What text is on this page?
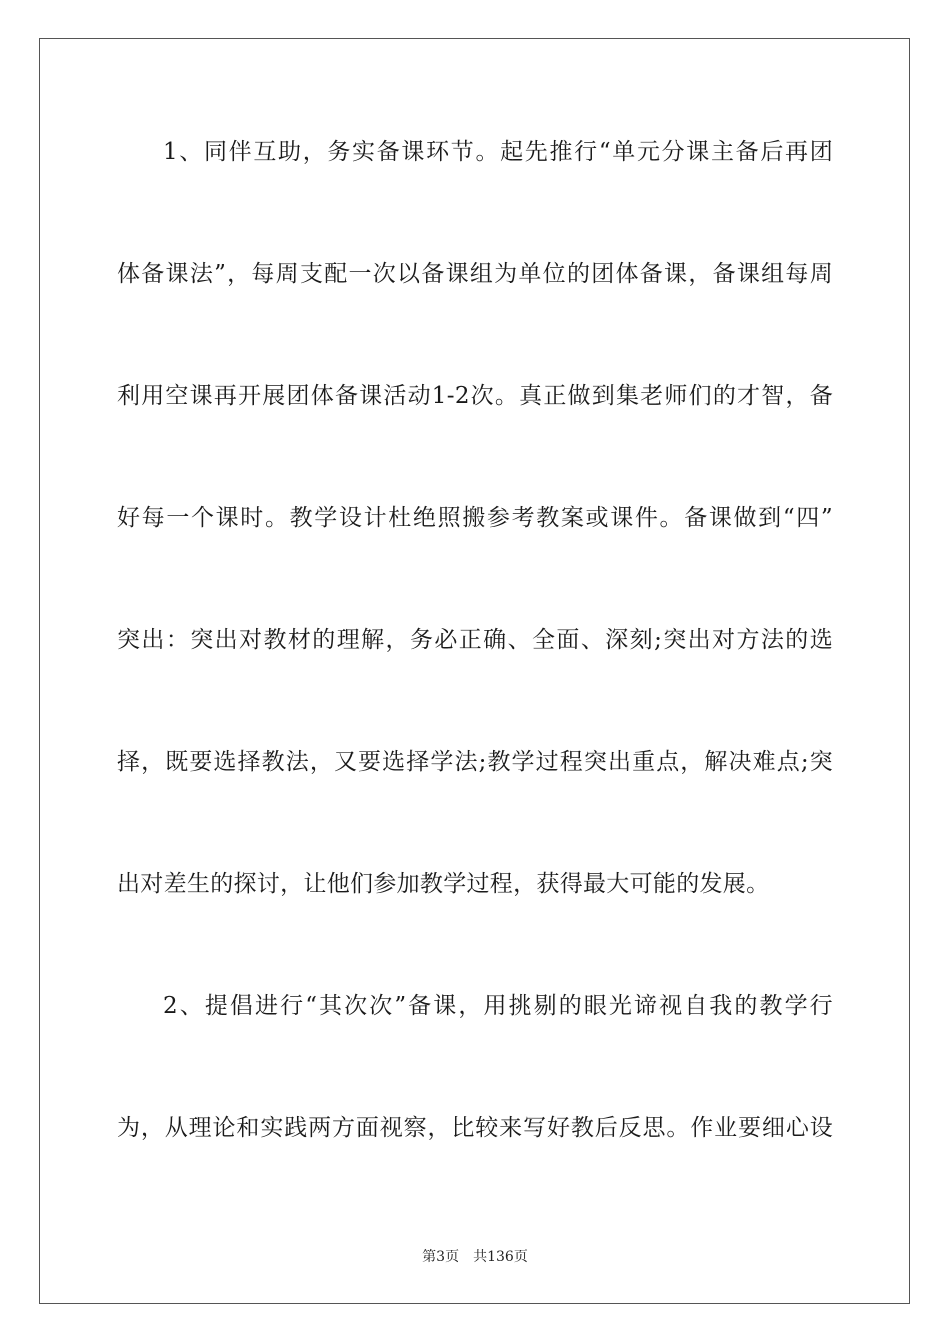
1、同伴互助，务实备课环节。起先推行“单元分课主备后再团
体备课法”，每周支配一次以备课组为单位的团体备课，备课组每周
利用空课再开展团体备课活动1-2次。真正做到集老师们的才智，备
好每一个课时。教学设计杜绝照搬参考教案或课件。备课做到“四”
突出：突出对教材的理解，务必正确、全面、深刻;突出对方法的选
择，既要选择教法，又要选择学法;教学过程突出重点，解决难点;突
出对差生的探讨，让他们参加教学过程，获得最大可能的发展。
2、提倡进行“其次次”备课，用挑剔的眼光谛视自我的教学行
为，从理论和实践两方面视察，比较来写好教后反思。作业要细心设
第3页 共136页
